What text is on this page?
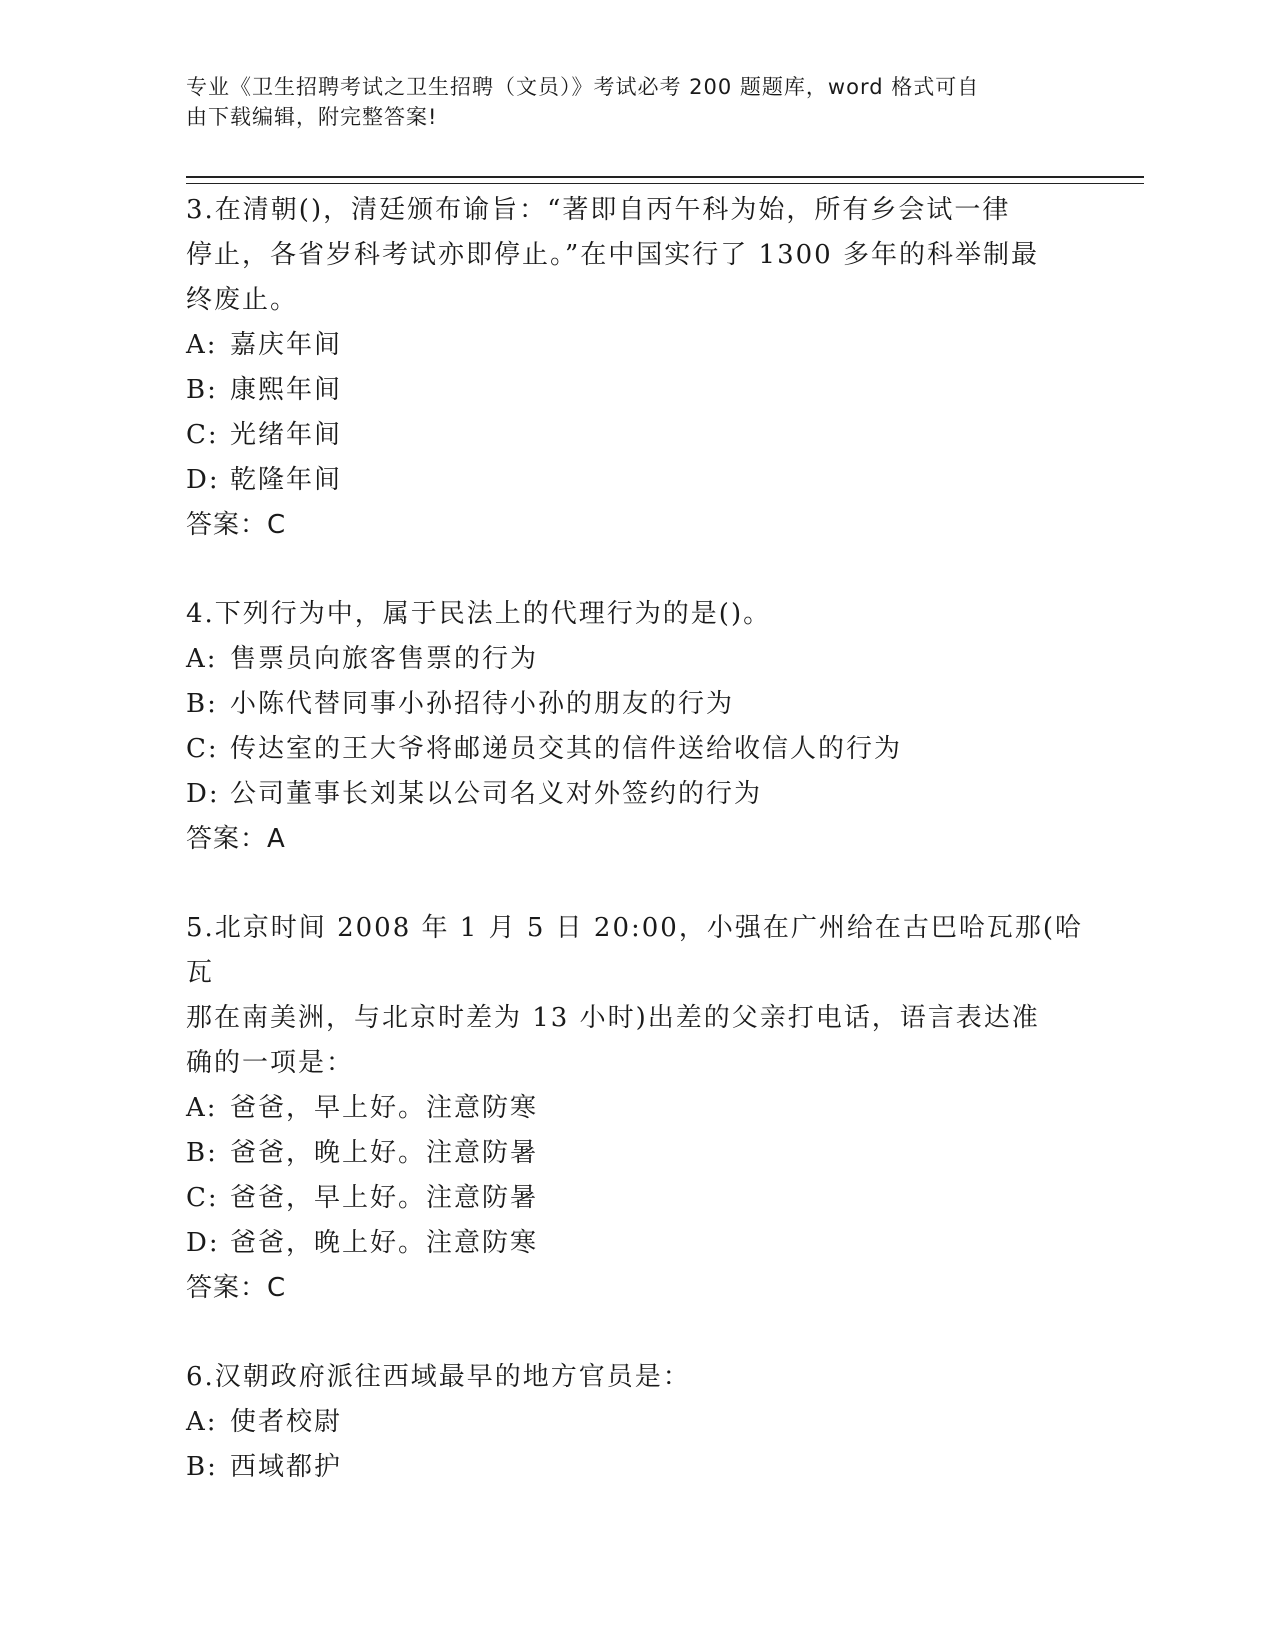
专业《卫生招聘考试之卫生招聘（文员）》考试必考 200 题题库，word 格式可自
由下载编辑，附完整答案!

3.在清朝()，清廷颁布谕旨：“著即自丙午科为始，所有乡会试一律

停止，各省岁科考试亦即停止。”在中国实行了 1300 多年的科举制最

终废止。

A: 嘉庆年间

B: 康熙年间

C: 光绪年间

D: 乾隆年间

答案：C

4.下列行为中，属于民法上的代理行为的是()。

A: 售票员向旅客售票的行为

B: 小陈代替同事小孙招待小孙的朋友的行为

C: 传达室的王大爷将邮递员交其的信件送给收信人的行为

D: 公司董事长刘某以公司名义对外签约的行为

答案：A

5.北京时间 2008 年 1 月 5 日 20:00，小强在广州给在古巴哈瓦那(哈瓦

那在南美洲，与北京时差为 13 小时)出差的父亲打电话，语言表达准

确的一项是：

A: 爸爸，早上好。注意防寒

B: 爸爸，晚上好。注意防暑

C: 爸爸，早上好。注意防暑

D: 爸爸，晚上好。注意防寒

答案：C

6.汉朝政府派往西域最早的地方官员是：

A: 使者校尉

B: 西域都护
